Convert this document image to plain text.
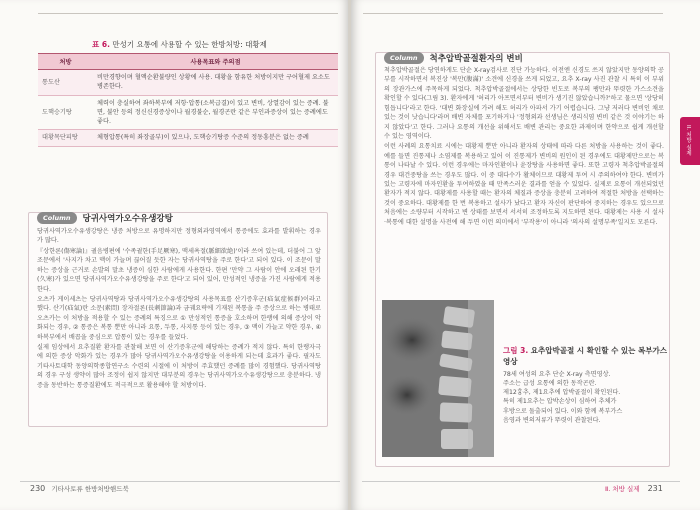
표 6. 만성기 요통에 사용할 수 있는 한방처방: 대황제
처방	사용목표와 주의점
통도산	비만경향이며 혈액순환불량인 상황에 사용. 대황을 함유한 처방이지만 구어혈제 요소도 병존한다.
도핵승기탕	체력이 충실하여 좌하복부에 저항·압통(소복급결)이 있고 변비, 상열감이 있는 증례. 불면, 불안 등의 정신신경증상이나 월경불순, 월경곤란 같은 부인과증상이 있는 증례에도 좋다.
대황목단피탕	체형압통(특히 좌장골부)이 있으나, 도핵승기탕증 수준의 정동흥분은 없는 증례
Column	당귀사역가오수유생강탕

당귀사역가오수유생강탕은 냉증 처방으로 유명하지만 정형외과영역에서 통증에도 효과를 발휘하는 경우가 많다.

『상한론(傷寒論)』궐음병편에 '수족궐한(手足厥寒), 맥세욕절(脈細欲絶)'이라 쓰여 있는데, 더불어 그 앞 조문에서 '사지가 차고 맥이 가늘며 끊어질 듯한 자는 당귀사역탕을 주로 한다'고 되어 있다. 이 조문이 말하는 증상을 근거로 손발의 말초 냉증이 심한 사람에게 사용한다. 한편 '만약 그 사람이 안에 오래된 한기(久寒)가 있으면 당귀사역가오수유생강탕을 주로 한다'고 되어 있어, 만성적인 냉증을 가진 사람에게 적용한다.

오츠카 게이세츠는 당귀사역탕과 당귀사역가오수유생강탕의 사용목표를 산기증후군(疝氣症候群)이라고 했다. 산기(疝氣)란 소문(素問) 장자절론(長刺節論)과 금궤요략에 기재된 복통을 주 증상으로 하는 병태로 오츠카는 이 처방을 적용할 수 있는 증례의 특징으로 ① 만성적인 통증을 호소하며 한랭에 의해 증상이 악화되는 경우, ② 통증은 복통 뿐만 아니라 요통, 두통, 사지통 등이 있는 경우, ③ 맥이 가늘고 약한 경우, ④ 하복부에서 배꼽을 중심으로 압통이 있는 경우를 들었다.

실제 임상에서 요추질환 환자를 관찰해 보면 이 산기증후군에 해당하는 증례가 적지 않다. 특히 한랭자극에 의한 증상 악화가 있는 경우가 많아 당귀사역가오수유생강탕을 이용하게 되는데 효과가 좋다. 필자도 기타사토대학 동양의학종합연구소 수련의 시절에 이 처방이 주효했던 증례를 많이 경험했다. 당귀사역탕의 경우 구성 생약이 많아 조정이 쉽지 않지만 대부분의 경우는 당귀사역가오수유생강탕으로 충분하다. 냉증을 동반하는 통증질환에도 적극적으로 활용해야 할 처방이다.

230 기타사토류 한방처방핸드북
Column	척추압박골절환자의 변비

척추압박골절은 당연하게도 단순 X-ray검사로 진단 가능하다. 이전엔 신경도 쓰지 않았지만 동양의학 공부를 시작하면서 복진상 '복만(腹滿)' 소견에 신경을 쓰게 되었고, 요추 X-ray 사진 관찰 시 특히 이 부위의 장관가스에 주목하게 되었다. 척추압박골절에서는 상당한 빈도로 복부의 팽만과 뚜렷한 가스소견을 확인할 수 있다(그림 3). 환자에게 '허리가 아프면서부터 변비가 생기진 않았습니까?'하고 물으면 '상당히 힘듭니다'라고 한다. '대변 화장실에 가려 해도 허리가 아파서 가기 어렵습니다. 그냥 저러다 변비인 채로 있는 것이 낫습니다'라며 배변 자체를 포기하거나 '정형외과 선생님은 생리식염 변비 같은 것 이야기는 하지 않았다'고 한다. 그러나 요통의 개선을 위해서도 배변 관리는 중요한 과제이며 한약으로 쉽게 개선할 수 있는 영역이다.

이런 사례의 요통치료 시에는 대황제 뿐만 아니라 환자의 상태에 따라 다른 처방을 사용하는 것이 좋다. 예를 들면 진통제나 소염제를 복용하고 있어 이 진통제가 변비의 원인이 된 경우에도 대황제만으로는 복통이 나타날 수 있다. 이런 경우에는 마자인환이나 윤장탕을 사용하면 좋다. 또한 고령자 척추압박골절의 경우 대건중탕을 쓰는 경우도 많다. 이 중 대다수가 활체이므로 대황제 투여 시 주의하여야 한다. 변비가 있는 고령자에 마자인환을 투여하였을 때 만족스러운 결과를 얻을 수 있었다. 실제로 요통이 개선되었던 환자가 적지 않다. 대황제를 사용할 때는 환자의 체질과 증상을 충분히 고려하여 적절한 처방을 선택하는 것이 중요하다. 대황제를 한 번 복용하고 설사가 났다고 환자 자신이 판단하여 중지하는 경우도 있으므로 처음에는 소량부터 시작하고 변 상태를 보면서 서서히 조정하도록 지도하면 된다. 대황제는 사용 시 설사·복통에 대한 설명을 사전에 해 두면 이런 의미에서 '부작용'이 아니라 '의사의 설명부족'일지도 모른다.

그림 3. 요추압박골절 시 확인할 수 있는 복부가스 영상
78세 여성의 요추 단순 X-ray 측면영상.
주소는 급성 요통에 의한 동작곤란.
제12흉추, 제1요추에 압박골절이 확인된다.
특히 제1요추는 압박손상이 심하여 추체가
후방으로 돌출되어 있다. 이와 함께 복부가스
음영과 변의저류가 뚜렷이 관찰된다.
II. 처방 실제
Ⅱ. 처방 실제 231
